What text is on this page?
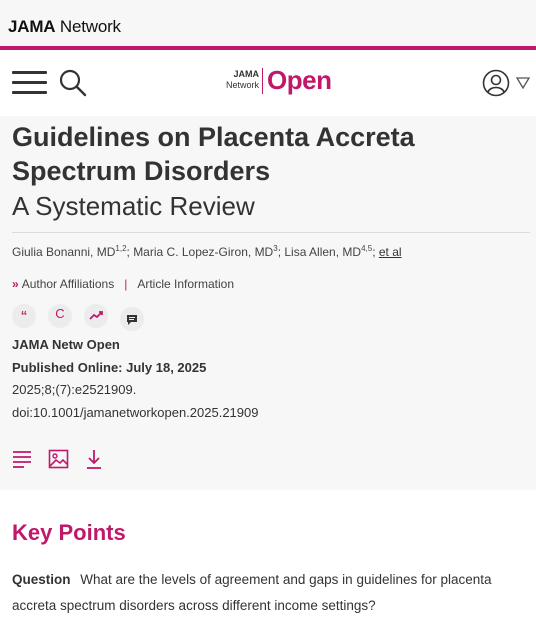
JAMA Network
JAMA
Network Open
Guidelines on Placenta Accreta Spectrum Disorders
A Systematic Review
Giulia Bonanni, MD$^{1,2}$; Maria C. Lopez-Giron, $MD^3$; Lisa Allen, MD$^{4,5}$; et al
» Author Affiliations | Article Information
“	C
JAMA Netw Open
Published Online: July 18, 2025
2025;8;(7):e2521909.
doi:10.1001/jamanetworkopen.2025.21909
Key Points
Question What are the levels of agreement and gaps in guidelines for placenta accreta spectrum disorders across different income settings?
